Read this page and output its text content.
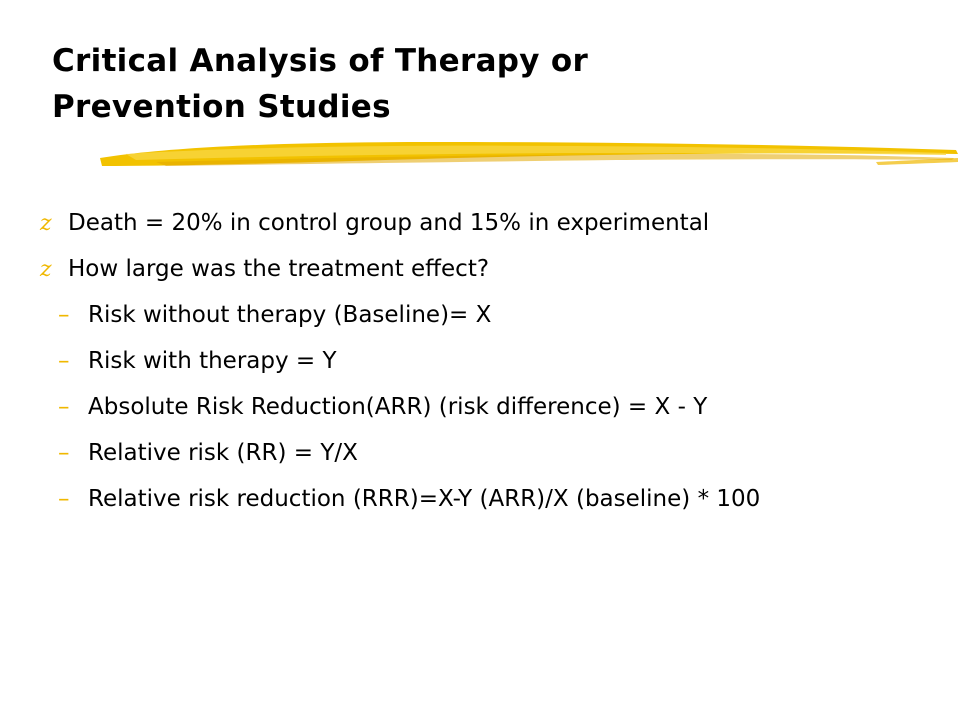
Critical Analysis of Therapy or
Prevention Studies
z Death = 20% in control group and 15% in experimental
z How large was the treatment effect?
– Risk without therapy (Baseline)= X
– Risk with therapy = Y
– Absolute Risk Reduction(ARR) (risk difference) = X - Y
– Relative risk (RR) = Y/X
– Relative risk reduction (RRR)=X-Y (ARR)/X (baseline) * 100
